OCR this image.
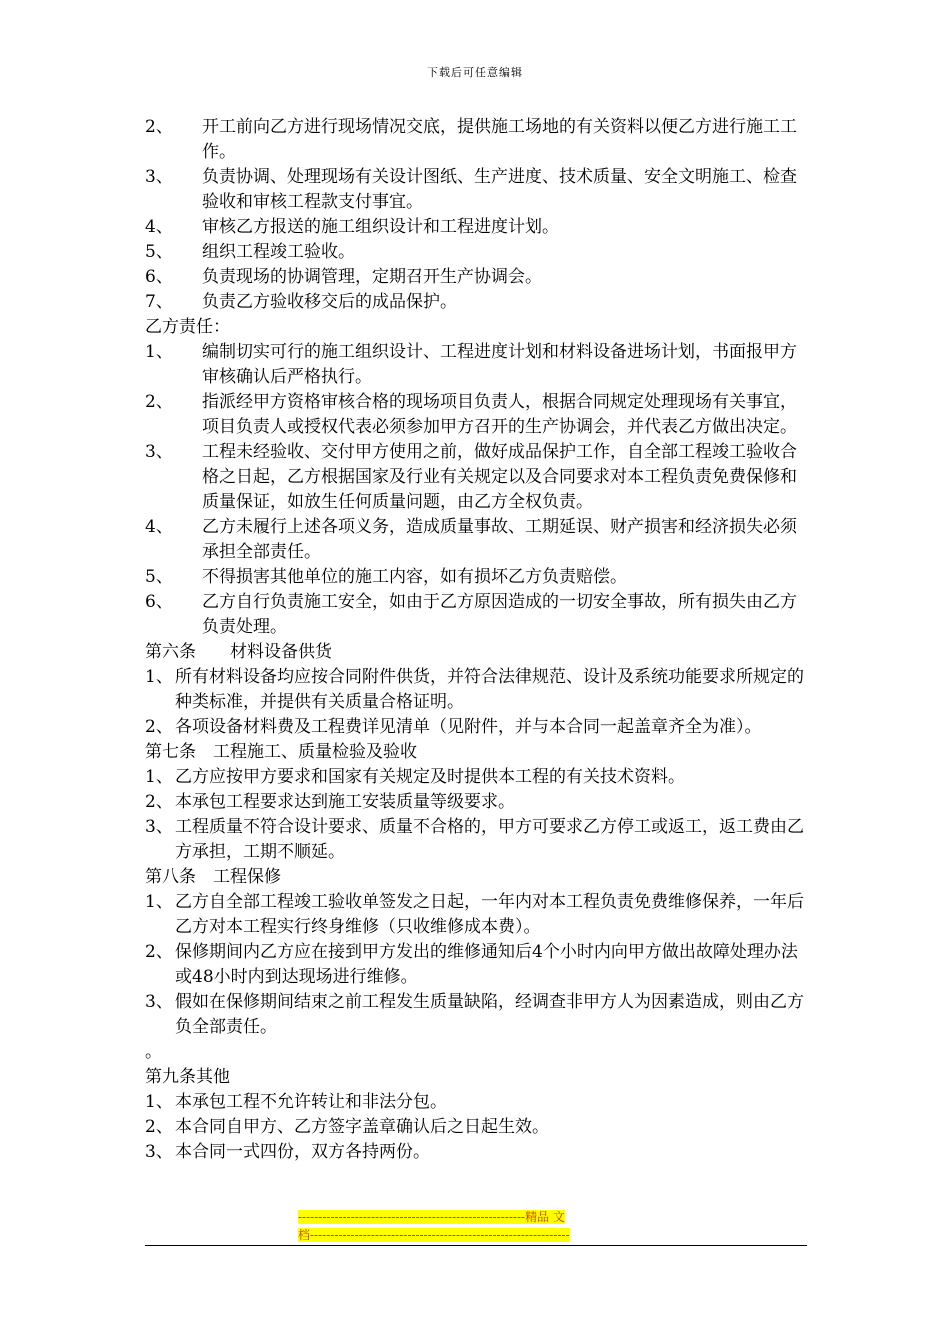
下载后可任意编辑
2、 开工前向乙方进行现场情况交底，提供施工场地的有关资料以便乙方进行施工工作。
3、 负责协调、处理现场有关设计图纸、生产进度、技术质量、安全文明施工、检查验收和审核工程款支付事宜。
4、 审核乙方报送的施工组织设计和工程进度计划。
5、 组织工程竣工验收。
6、 负责现场的协调管理，定期召开生产协调会。
7、 负责乙方验收移交后的成品保护。
乙方责任：
1、 编制切实可行的施工组织设计、工程进度计划和材料设备进场计划，书面报甲方审核确认后严格执行。
2、 指派经甲方资格审核合格的现场项目负责人，根据合同规定处理现场有关事宜，项目负责人或授权代表必须参加甲方召开的生产协调会，并代表乙方做出决定。
3、 工程未经验收、交付甲方使用之前，做好成品保护工作，自全部工程竣工验收合格之日起，乙方根据国家及行业有关规定以及合同要求对本工程负责免费保修和质量保证，如放生任何质量问题，由乙方全权负责。
4、 乙方未履行上述各项义务，造成质量事故、工期延误、财产损害和经济损失必须承担全部责任。
5、 不得损害其他单位的施工内容，如有损坏乙方负责赔偿。
6、 乙方自行负责施工安全，如由于乙方原因造成的一切安全事故，所有损失由乙方负责处理。
第六条　　材料设备供货
1、 所有材料设备均应按合同附件供货，并符合法律规范、设计及系统功能要求所规定的种类标准，并提供有关质量合格证明。
2、 各项设备材料费及工程费详见清单（见附件，并与本合同一起盖章齐全为准）。
第七条　工程施工、质量检验及验收
1、 乙方应按甲方要求和国家有关规定及时提供本工程的有关技术资料。
2、 本承包工程要求达到施工安装质量等级要求。
3、 工程质量不符合设计要求、质量不合格的，甲方可要求乙方停工或返工，返工费由乙方承担，工期不顺延。
第八条　工程保修
1、 乙方自全部工程竣工验收单签发之日起，一年内对本工程负责免费维修保养，一年后乙方对本工程实行终身维修（只收维修成本费）。
2、 保修期间内乙方应在接到甲方发出的维修通知后4个小时内向甲方做出故障处理办法或48小时内到达现场进行维修。
3、 假如在保修期间结束之前工程发生质量缺陷，经调查非甲方人为因素造成，则由乙方负全部责任。
。
第九条其他
1、 本承包工程不允许转让和非法分包。
2、 本合同自甲方、乙方签字盖章确认后之日起生效。
3、 本合同一式四份，双方各持两份。
--------------------------------------------------------精品 文
档----------------------------------------------------------------
